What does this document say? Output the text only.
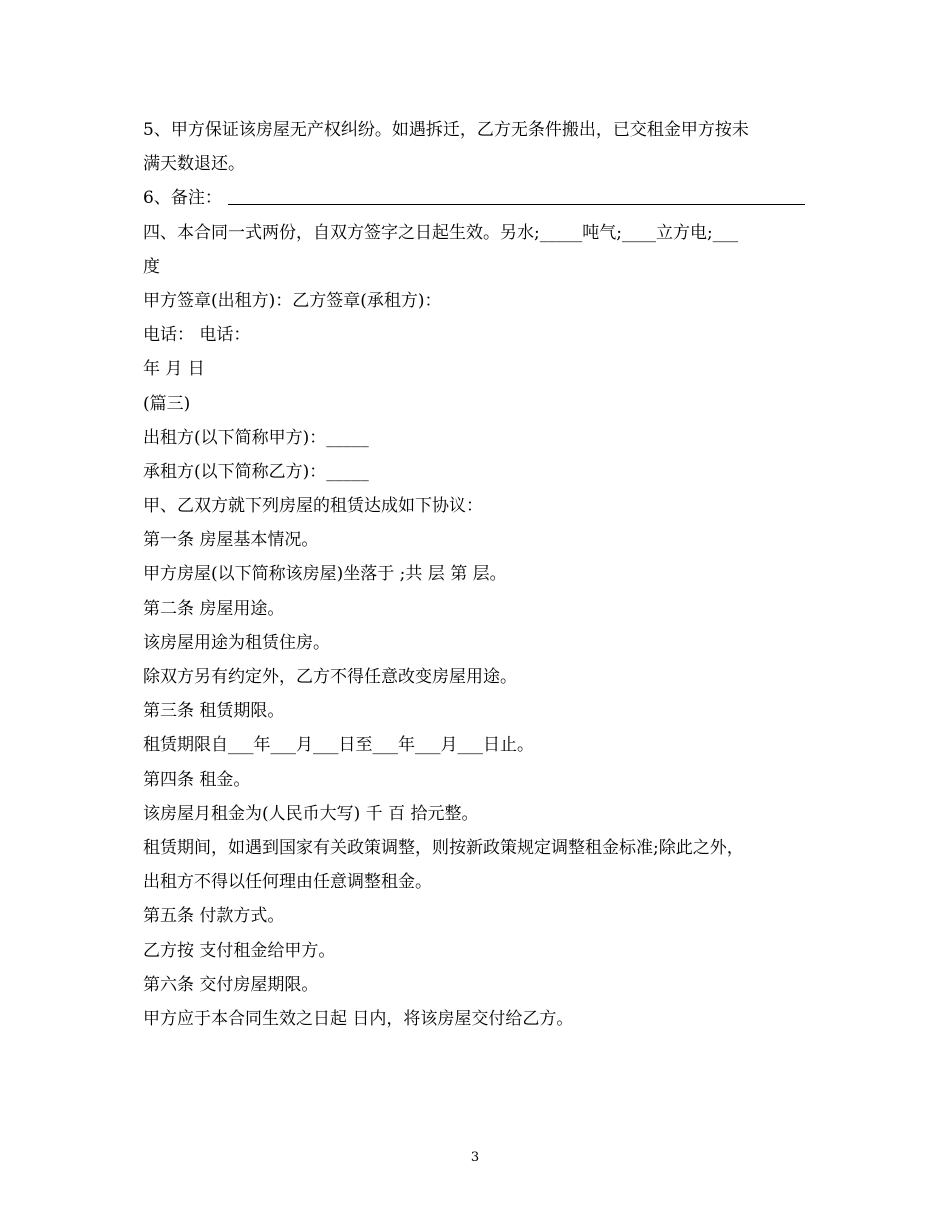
5、甲方保证该房屋无产权纠纷。如遇拆迁，乙方无条件搬出，已交租金甲方按未
满天数退还。
6、备注：
四、本合同一式两份，自双方签字之日起生效。另水;_____吨气;____立方电;___
度
甲方签章(出租方)：乙方签章(承租方)：
电话： 电话：
年 月 日
(篇三)
出租方(以下简称甲方)：_____
承租方(以下简称乙方)：_____
甲、乙双方就下列房屋的租赁达成如下协议：
第一条 房屋基本情况。
甲方房屋(以下简称该房屋)坐落于 ;共 层 第 层。
第二条 房屋用途。
该房屋用途为租赁住房。
除双方另有约定外，乙方不得任意改变房屋用途。
第三条 租赁期限。
租赁期限自___年___月___日至___年___月___日止。
第四条 租金。
该房屋月租金为(人民币大写) 千 百 拾元整。
租赁期间，如遇到国家有关政策调整，则按新政策规定调整租金标准;除此之外，
出租方不得以任何理由任意调整租金。
第五条 付款方式。
乙方按 支付租金给甲方。
第六条 交付房屋期限。
甲方应于本合同生效之日起 日内，将该房屋交付给乙方。
3
